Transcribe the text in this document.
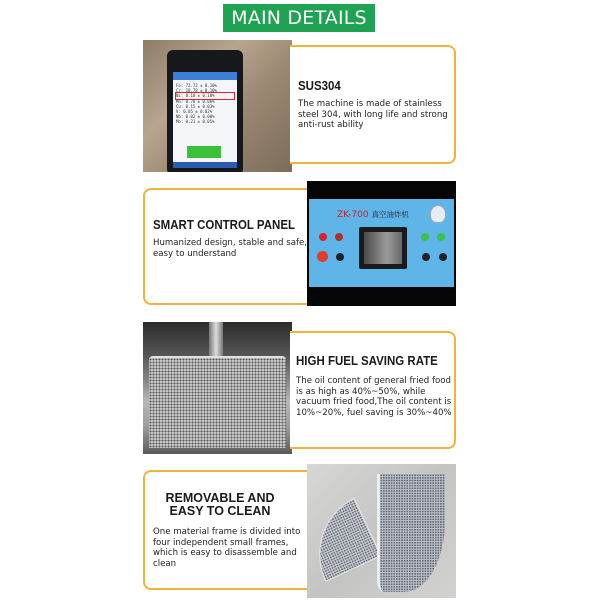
MAIN DETAILS
Fe: 72.72 ± 0.10%
Cr: 18.78 ± 0.10%
Ni: 8.18 ± 0.10%
Mn: 0.78 ± 0.06%
Cu: 0.15 ± 0.03%
V: 0.05 ± 0.02%
Nb: 0.02 ± 0.00%
Mo: 0.21 ± 0.05%
SUS304
The machine is made of stainless steel 304, with long life and strong anti-rust ability
SMART CONTROL PANEL
Humanized design, stable and safe, easy to understand
ZK-700 真空油炸机
HIGH FUEL SAVING RATE
The oil content of general fried food is as high as 40%~50%, while vacuum fried food,The oil content is 10%~20%, fuel saving is 30%~40%
REMOVABLE AND
EASY TO CLEAN
One material frame is divided into four independent small frames, which is easy to disassemble and clean
